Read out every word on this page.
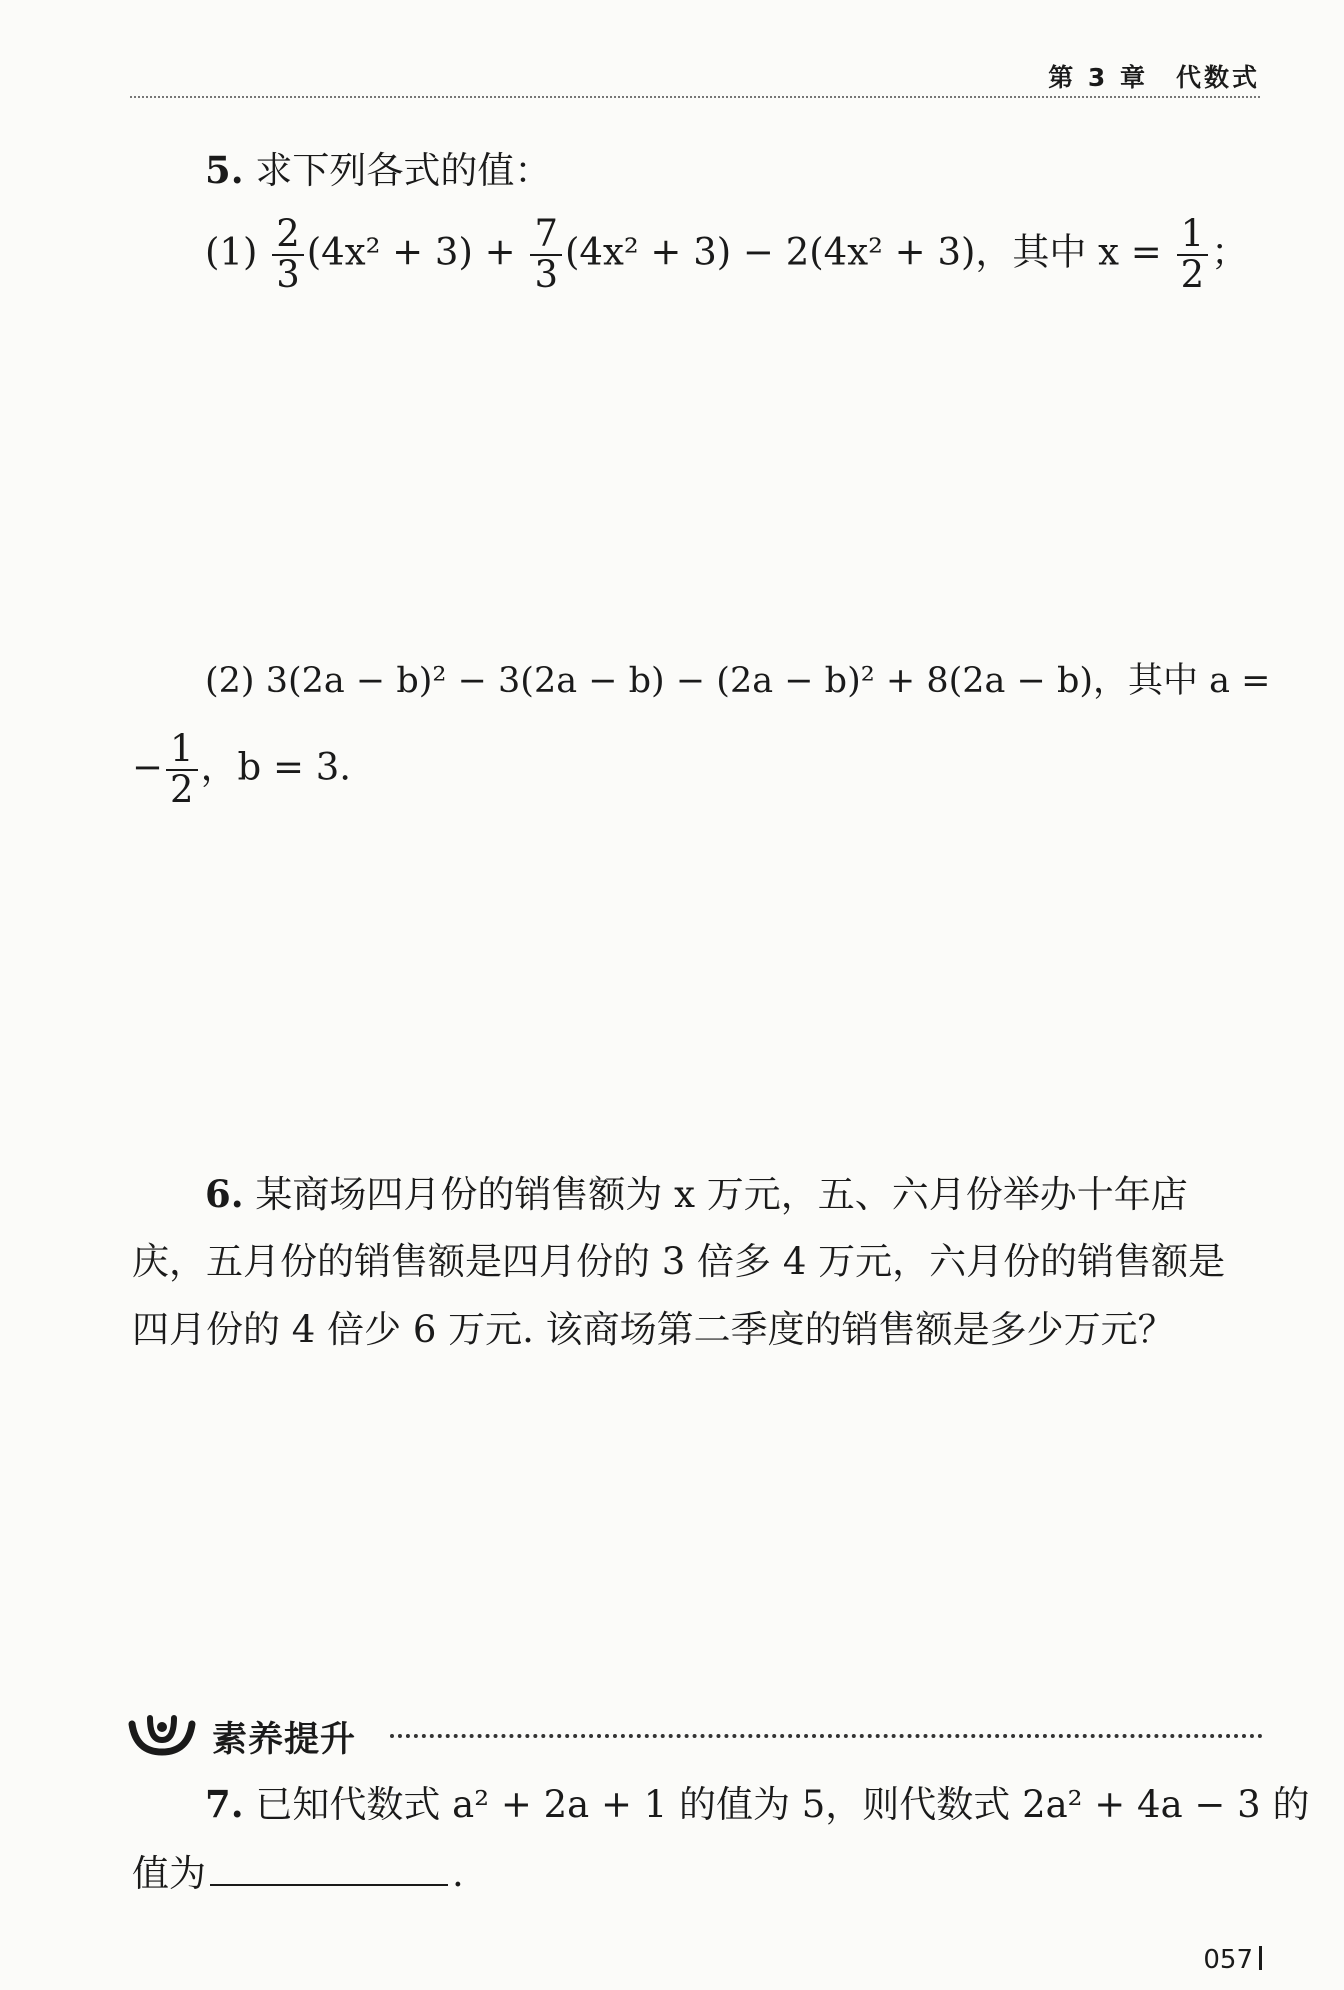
第 3 章　代数式
5. 求下列各式的值：
$(1) \frac{2}{3} (4x^2 + 3) + \frac{7}{3} (4x^2 + 3) - 2(4x^2 + 3)$，其中 $x = \frac{1}{2}$ ；
(2) 3(2a − b)² − 3(2a − b) − (2a − b)² + 8(2a − b)，其中 a =
− $\frac{1}{2}$ ，b = 3.
6. 某商场四月份的销售额为 x 万元，五、六月份举办十年店
庆，五月份的销售额是四月份的 3 倍多 4 万元，六月份的销售额是
四月份的 4 倍少 6 万元. 该商场第二季度的销售额是多少万元？
素养提升
7. 已知代数式 a² + 2a + 1 的值为 5，则代数式 2a² + 4a − 3 的
值为	.
057
